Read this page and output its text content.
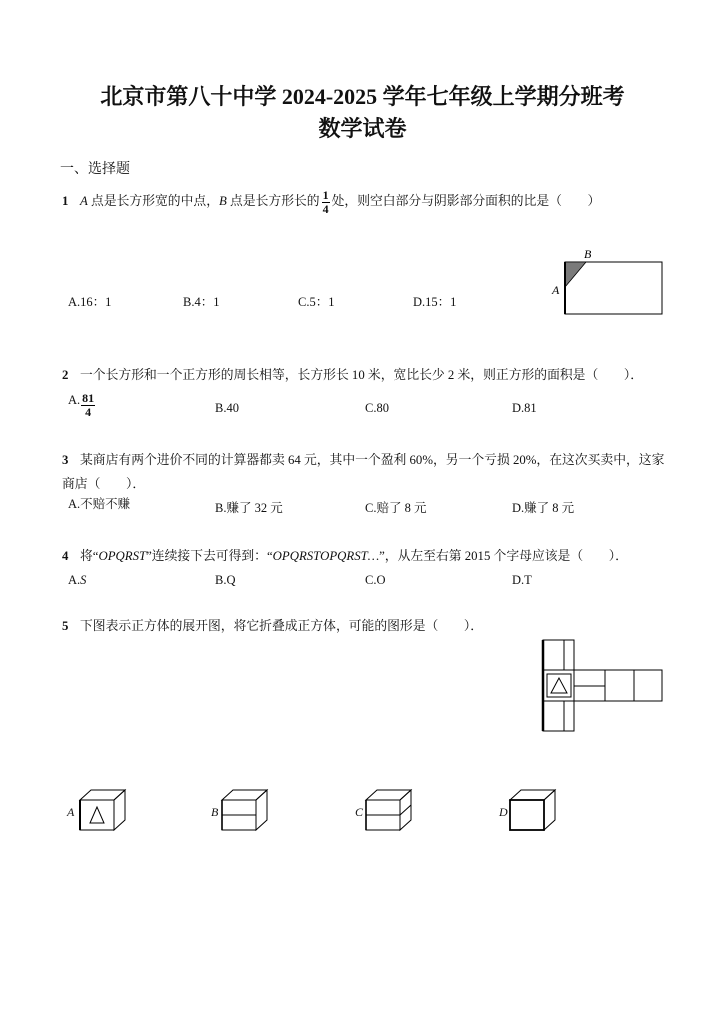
北京市第八十中学 2024-2025 学年七年级上学期分班考
数学试卷
一、选择题
1 A 点是长方形宽的中点，B 点是长方形长的 $\frac{1}{4}$ 处，则空白部分与阴影部分面积的比是（　　）
B
A
A.16：1	B.4：1	C.5：1	D.15：1
2 一个长方形和一个正方形的周长相等，长方形长 10 米，宽比长少 2 米，则正方形的面积是（　　）．
A. $\frac{81}{4}$	B.40	C.80	D.81
3 某商店有两个进价不同的计算器都卖 64 元，其中一个盈利 60%，另一个亏损 20%，在这次买卖中，这家
商店（　　）．
A.不赔不赚	B.赚了 32 元	C.赔了 8 元	D.赚了 8 元
4 将“OPQRST”连续接下去可得到：“OPQRSTOPQRST…”，从左至右第 2015 个字母应该是（　　）．
A.S	B.Q	C.O	D.T
5 下图表示正方体的展开图，将它折叠成正方体，可能的图形是（　　）．
A	B	C	D
